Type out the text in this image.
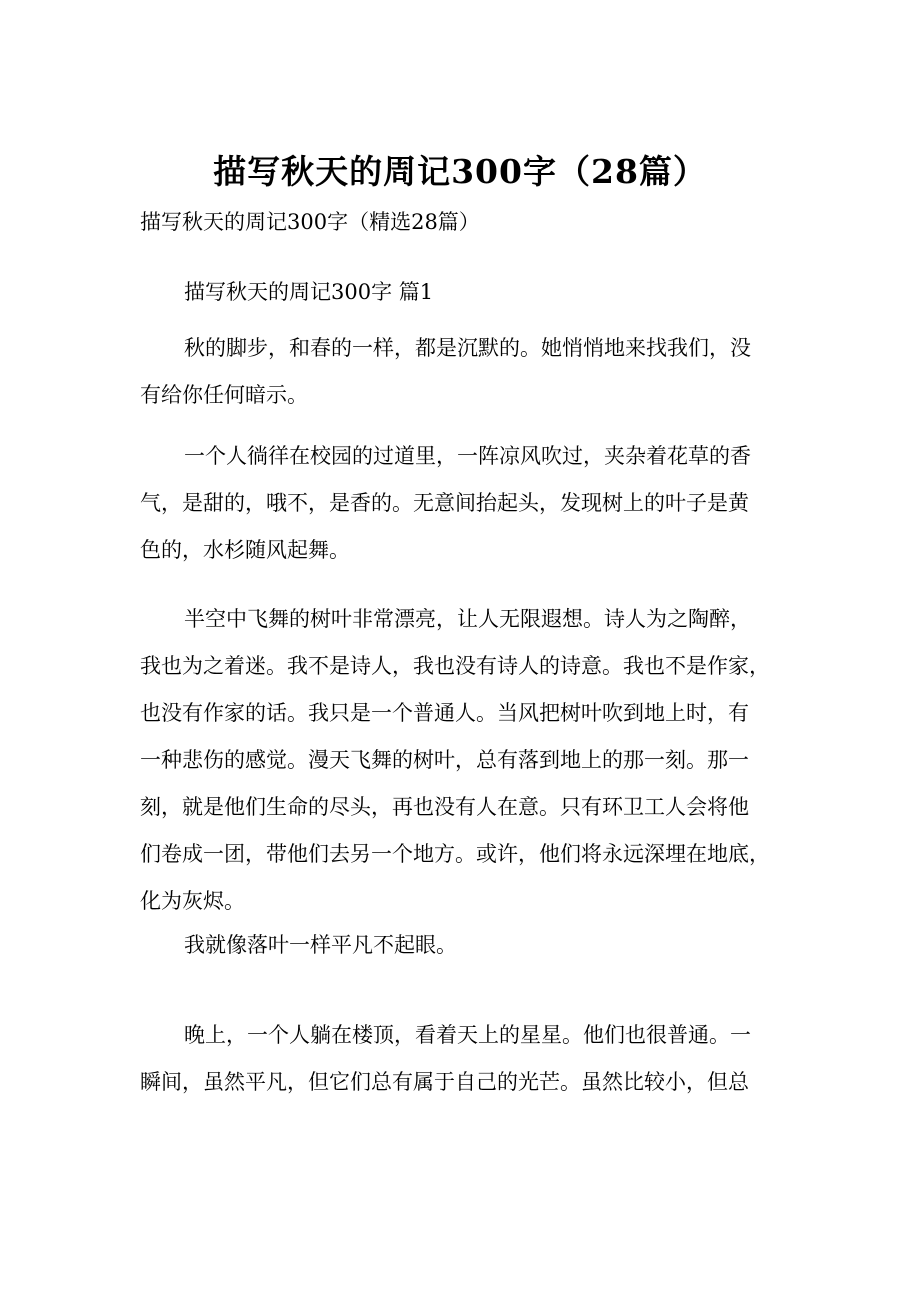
描写秋天的周记300字（28篇）

描写秋天的周记300字（精选28篇）

描写秋天的周记300字 篇1

秋的脚步，和春的一样，都是沉默的。她悄悄地来找我们，没
有给你任何暗示。

一个人徜徉在校园的过道里，一阵凉风吹过，夹杂着花草的香
气，是甜的，哦不，是香的。无意间抬起头，发现树上的叶子是黄
色的，水杉随风起舞。

半空中飞舞的树叶非常漂亮，让人无限遐想。诗人为之陶醉，
我也为之着迷。我不是诗人，我也没有诗人的诗意。我也不是作家，
也没有作家的话。我只是一个普通人。当风把树叶吹到地上时，有
一种悲伤的感觉。漫天飞舞的树叶，总有落到地上的那一刻。那一
刻，就是他们生命的尽头，再也没有人在意。只有环卫工人会将他
们卷成一团，带他们去另一个地方。或许，他们将永远深埋在地底，
化为灰烬。

我就像落叶一样平凡不起眼。

晚上，一个人躺在楼顶，看着天上的星星。他们也很普通。一
瞬间，虽然平凡，但它们总有属于自己的光芒。虽然比较小，但总
